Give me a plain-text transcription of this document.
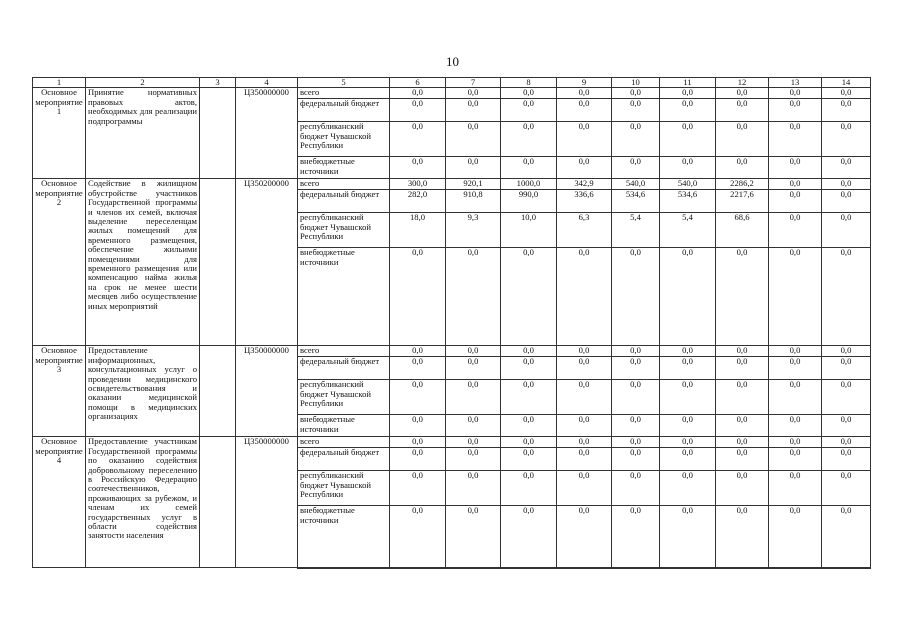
10
1	2	3	4	5	6	7	8	9	10	11	12	13	14
Основное мероприятие 1	Принятие нормативных правовых актов, необходимых для реализации подпрограммы		Ц350000000	всего	0,0	0,0	0,0	0,0	0,0	0,0	0,0	0,0	0,0
				федеральный бюджет	0,0	0,0	0,0	0,0	0,0	0,0	0,0	0,0	0,0
				республиканский бюджет Чувашской Республики	0,0	0,0	0,0	0,0	0,0	0,0	0,0	0,0	0,0
				внебюджетные источники	0,0	0,0	0,0	0,0	0,0	0,0	0,0	0,0	0,0
Основное мероприятие 2	Содействие в жилищном обустройстве участников Государственной программы и членов их семей, включая выделение переселенцам жилых помещений для временного размещения, обеспечение жильими помещениями для временного размещения или компенсацию найма жилья на срок не менее шести месяцев либо осуществление иных мероприятий		Ц350200000	всего	300,0	920,1	1000,0	342,9	540,0	540,0	2286,2	0,0	0,0
				федеральный бюджет	282,0	910,8	990,0	336,6	534,6	534,6	2217,6	0,0	0,0
				республиканский бюджет Чувашской Республики	18,0	9,3	10,0	6,3	5,4	5,4	68,6	0,0	0,0
				внебюджетные источники	0,0	0,0	0,0	0,0	0,0	0,0	0,0	0,0	0,0
Основное мероприятие 3	Предоставление информационных, консультационных услуг о проведении медицинского освидетельствования и оказании медицинской помощи в медицинских организациях		Ц350000000	всего	0,0	0,0	0,0	0,0	0,0	0,0	0,0	0,0	0,0
				федеральный бюджет	0,0	0,0	0,0	0,0	0,0	0,0	0,0	0,0	0,0
				республиканский бюджет Чувашской Республики	0,0	0,0	0,0	0,0	0,0	0,0	0,0	0,0	0,0
				внебюджетные источники	0,0	0,0	0,0	0,0	0,0	0,0	0,0	0,0	0,0
Основное мероприятие 4	Предоставление участникам Государственной программы по оказанию содействия добровольному переселению в Российскую Федерацию соотечественников, проживающих за рубежом, и членам их семей государственных услуг в области содействия занятости населения		Ц350000000	всего	0,0	0,0	0,0	0,0	0,0	0,0	0,0	0,0	0,0
				федеральный бюджет	0,0	0,0	0,0	0,0	0,0	0,0	0,0	0,0	0,0
				республиканский бюджет Чувашской Республики	0,0	0,0	0,0	0,0	0,0	0,0	0,0	0,0	0,0
				внебюджетные источники	0,0	0,0	0,0	0,0	0,0	0,0	0,0	0,0	0,0
